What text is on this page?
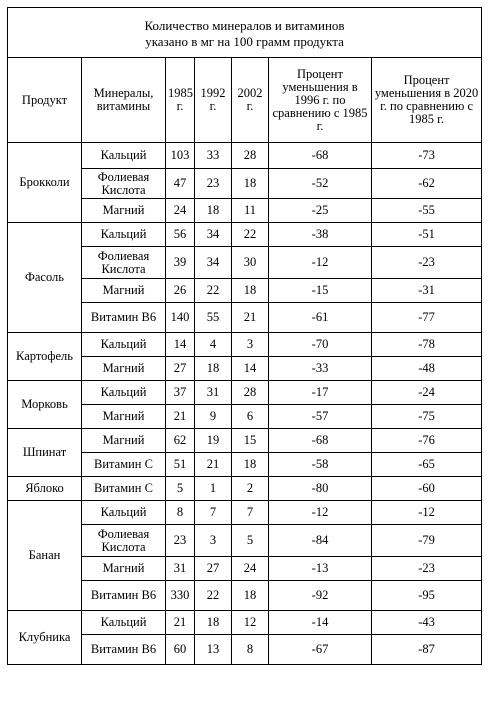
Количество минералов и витаминов
указано в мг на 100 грамм продукта						
Продукт	Минералы, витамины	1985 г.	1992 г.	2002 г.	Процент уменьшения в 1996 г. по сравнению с 1985 г.	Процент уменьшения в 2020 г. по сравнению с 1985 г.
Брокколи	Кальций	103	33	28	-68	-73
	Фолиевая Кислота	47	23	18	-52	-62
	Магний	24	18	11	-25	-55
Фасоль	Кальций	56	34	22	-38	-51
	Фолиевая Кислота	39	34	30	-12	-23
	Магний	26	22	18	-15	-31
	Витамин В6	140	55	21	-61	-77
Картофель	Кальций	14	4	3	-70	-78
	Магний	27	18	14	-33	-48
Морковь	Кальций	37	31	28	-17	-24
	Магний	21	9	6	-57	-75
Шпинат	Магний	62	19	15	-68	-76
	Витамин С	51	21	18	-58	-65
Яблоко	Витамин С	5	1	2	-80	-60
Банан	Кальций	8	7	7	-12	-12
	Фолиевая Кислота	23	3	5	-84	-79
	Магний	31	27	24	-13	-23
	Витамин В6	330	22	18	-92	-95
Клубника	Кальций	21	18	12	-14	-43
	Витамин В6	60	13	8	-67	-87
